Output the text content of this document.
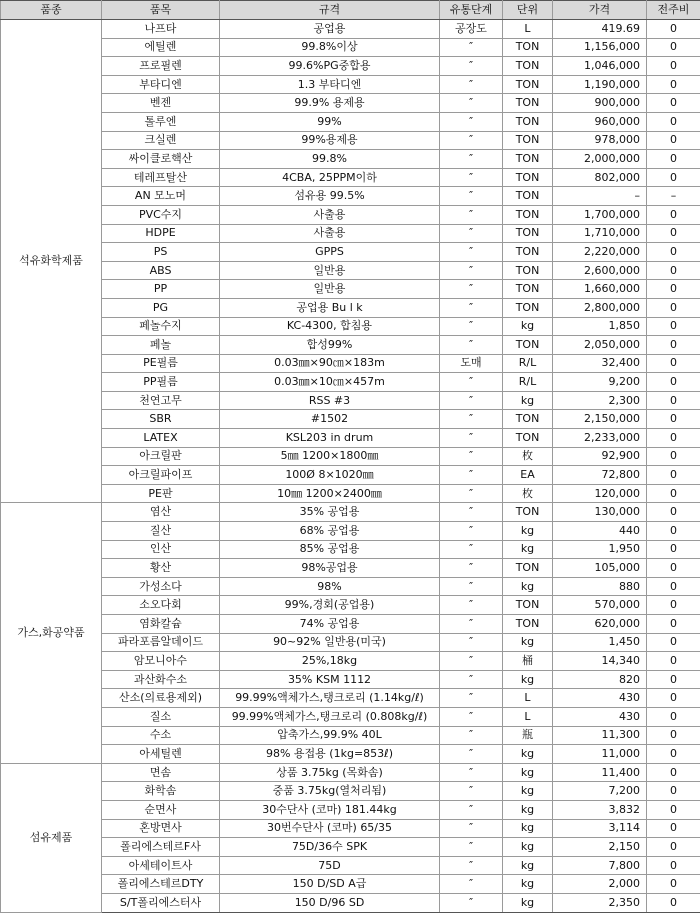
품종	품목	규격	유통단계	단위	가격	전주비
석유화학제품	나프타	공업용	공장도	L	419.69	0
	에틸렌	99.8%이상	″	TON	1,156,000	0
	프로필렌	99.6%PG중합용	″	TON	1,046,000	0
	부타디엔	1.3 부타디엔	″	TON	1,190,000	0
	벤젠	99.9% 용제용	″	TON	900,000	0
	톨루엔	99%	″	TON	960,000	0
	크실렌	99%용제용	″	TON	978,000	0
	싸이클로핵산	99.8%	″	TON	2,000,000	0
	테레프탈산	4CBA, 25PPM이하	″	TON	802,000	0
	AN 모노머	섬유용 99.5%	″	TON	–	–
	PVC수지	사출용	″	TON	1,700,000	0
	HDPE	사출용	″	TON	1,710,000	0
	PS	GPPS	″	TON	2,220,000	0
	ABS	일반용	″	TON	2,600,000	0
	PP	일반용	″	TON	1,660,000	0
	PG	공업용 Bu l k	″	TON	2,800,000	0
	페놀수지	KC-4300, 합침용	″	kg	1,850	0
	페놀	합성99%	″	TON	2,050,000	0
	PE필름	0.03㎜×90㎝×183m	도매	R/L	32,400	0
	PP필름	0.03㎜×10㎝×457m	″	R/L	9,200	0
	천연고무	RSS #3	″	kg	2,300	0
	SBR	#1502	″	TON	2,150,000	0
	LATEX	KSL203 in drum	″	TON	2,233,000	0
	아크릴판	5㎜ 1200×1800㎜	″	枚	92,900	0
	아크릴파이프	100Ø 8×1020㎜	″	EA	72,800	0
	PE판	10㎜ 1200×2400㎜	″	枚	120,000	0
가스,화공약품	염산	35% 공업용	″	TON	130,000	0
	질산	68% 공업용	″	kg	440	0
	인산	85% 공업용	″	kg	1,950	0
	황산	98%공업용	″	TON	105,000	0
	가성소다	98%	″	kg	880	0
	소오다회	99%,경회(공업용)	″	TON	570,000	0
	염화칼슘	74% 공업용	″	TON	620,000	0
	파라포름알데이드	90~92% 일반용(미국)	″	kg	1,450	0
	암모니아수	25%,18kg	″	桶	14,340	0
	과산화수소	35% KSM 1112	″	kg	820	0
	산소(의료용제외)	99.99%액체가스,탱크로리 (1.14kg/ℓ)	″	L	430	0
	질소	99.99%액체가스,탱크로리 (0.808kg/ℓ)	″	L	430	0
	수소	압축가스,99.9% 40L	″	瓶	11,300	0
	아세틸렌	98% 용접용 (1kg=853ℓ)	″	kg	11,000	0
섬유제품	면솜	상품 3.75kg (목화솜)	″	kg	11,400	0
	화학솜	중품 3.75kg(열처리됨)	″	kg	7,200	0
	순면사	30수단사 (코마) 181.44kg	″	kg	3,832	0
	혼방면사	30번수단사 (코마) 65/35	″	kg	3,114	0
	폴리에스테르F사	75D/36수 SPK	″	kg	2,150	0
	아세테이트사	75D	″	kg	7,800	0
	폴리에스테르DTY	150 D/SD A급	″	kg	2,000	0
	S/T폴리에스터사	150 D/96 SD	″	kg	2,350	0
